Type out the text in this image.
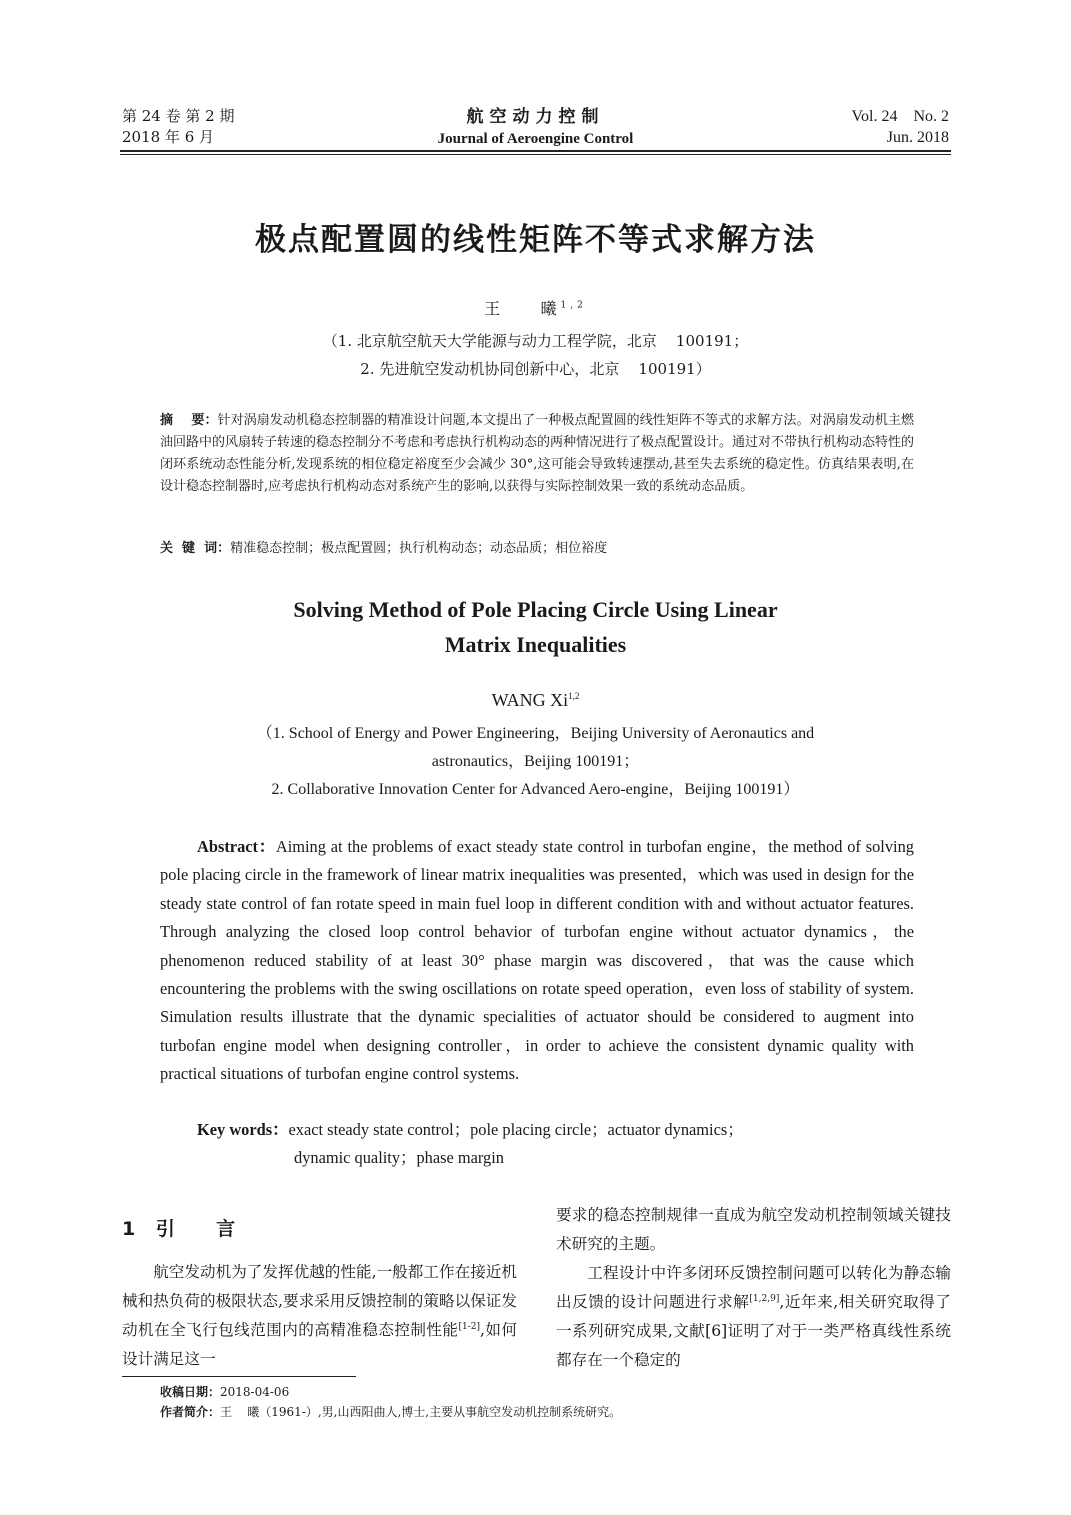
第 24 卷 第 2 期
2018 年 6 月
航空动力控制
Journal of Aeroengine Control
Vol. 24    No. 2
Jun. 2018
极点配置圆的线性矩阵不等式求解方法
王    曦$^{1,2}$
（1. 北京航空航天大学能源与动力工程学院，北京    100191；
2. 先进航空发动机协同创新中心，北京    100191）
摘    要：针对涡扇发动机稳态控制器的精准设计问题,本文提出了一种极点配置圆的线性矩阵不等式的求解方法。对涡扇发动机主燃油回路中的风扇转子转速的稳态控制分不考虑和考虑执行机构动态的两种情况进行了极点配置设计。通过对不带执行机构动态特性的闭环系统动态性能分析,发现系统的相位稳定裕度至少会减少 30°,这可能会导致转速摆动,甚至失去系统的稳定性。仿真结果表明,在设计稳态控制器时,应考虑执行机构动态对系统产生的影响,以获得与实际控制效果一致的系统动态品质。
关  键  词：精准稳态控制；极点配置圆；执行机构动态；动态品质；相位裕度
Solving Method of Pole Placing Circle Using Linear
Matrix Inequalities
WANG Xi$^{1,2}$
（1. School of Energy and Power Engineering，Beijing University of Aeronautics and
astronautics，Beijing 100191；
2. Collaborative Innovation Center for Advanced Aero-engine，Beijing 100191）
Abstract：Aiming at the problems of exact steady state control in turbofan engine，the method of solving pole placing circle in the framework of linear matrix inequalities was presented，which was used in design for the steady state control of fan rotate speed in main fuel loop in different condition with and without actuator features. Through analyzing the closed loop control behavior of turbofan engine without actuator dynamics，the phenomenon reduced stability of at least 30° phase margin was discovered，that was the cause which encountering the problems with the swing oscillations on rotate speed operation，even loss of stability of system. Simulation results illustrate that the dynamic specialities of actuator should be considered to augment into turbofan engine model when designing controller，in order to achieve the consistent dynamic quality with practical situations of turbofan engine control systems.
Key words：exact steady state control；pole placing circle；actuator dynamics；
dynamic quality；phase margin
1 引  言
航空发动机为了发挥优越的性能,一般都工作在接近机械和热负荷的极限状态,要求采用反馈控制的策略以保证发动机在全飞行包线范围内的高精准稳态控制性能[1-2],如何设计满足这一
要求的稳态控制规律一直成为航空发动机控制领域关键技术研究的主题。
工程设计中许多闭环反馈控制问题可以转化为静态输出反馈的设计问题进行求解[1,2,9],近年来,相关研究取得了一系列研究成果,文献[6]证明了对于一类严格真线性系统都存在一个稳定的
收稿日期：2018-04-06
作者简介：王    曦（1961-）,男,山西阳曲人,博士,主要从事航空发动机控制系统研究。
